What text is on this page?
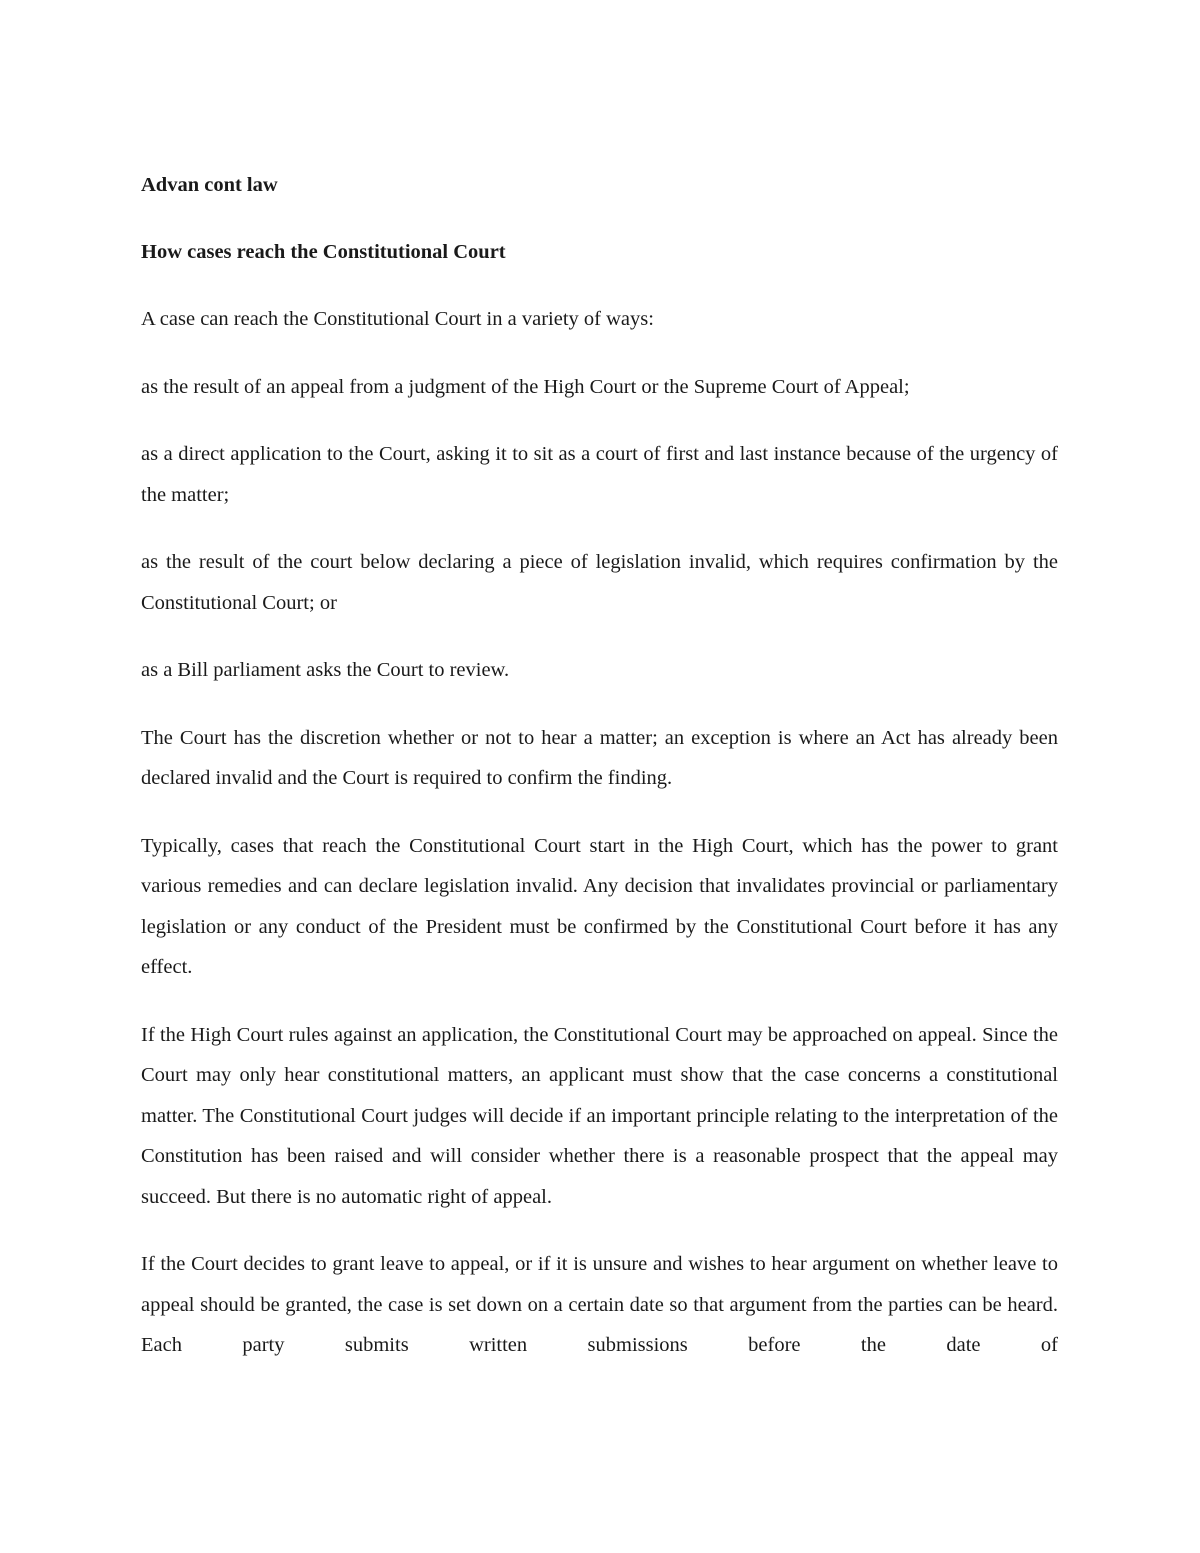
Advan cont law

How cases reach the Constitutional Court

A case can reach the Constitutional Court in a variety of ways:

as the result of an appeal from a judgment of the High Court or the Supreme Court of Appeal;

as a direct application to the Court, asking it to sit as a court of first and last instance because of the urgency of the matter;

as the result of the court below declaring a piece of legislation invalid, which requires confirmation by the Constitutional Court; or

as a Bill parliament asks the Court to review.

The Court has the discretion whether or not to hear a matter; an exception is where an Act has already been declared invalid and the Court is required to confirm the finding.

Typically, cases that reach the Constitutional Court start in the High Court, which has the power to grant various remedies and can declare legislation invalid. Any decision that invalidates provincial or parliamentary legislation or any conduct of the President must be confirmed by the Constitutional Court before it has any effect.

If the High Court rules against an application, the Constitutional Court may be approached on appeal. Since the Court may only hear constitutional matters, an applicant must show that the case concerns a constitutional matter. The Constitutional Court judges will decide if an important principle relating to the interpretation of the Constitution has been raised and will consider whether there is a reasonable prospect that the appeal may succeed. But there is no automatic right of appeal.

If the Court decides to grant leave to appeal, or if it is unsure and wishes to hear argument on whether leave to appeal should be granted, the case is set down on a certain date so that argument from the parties can be heard. Each party submits written submissions before the date of
